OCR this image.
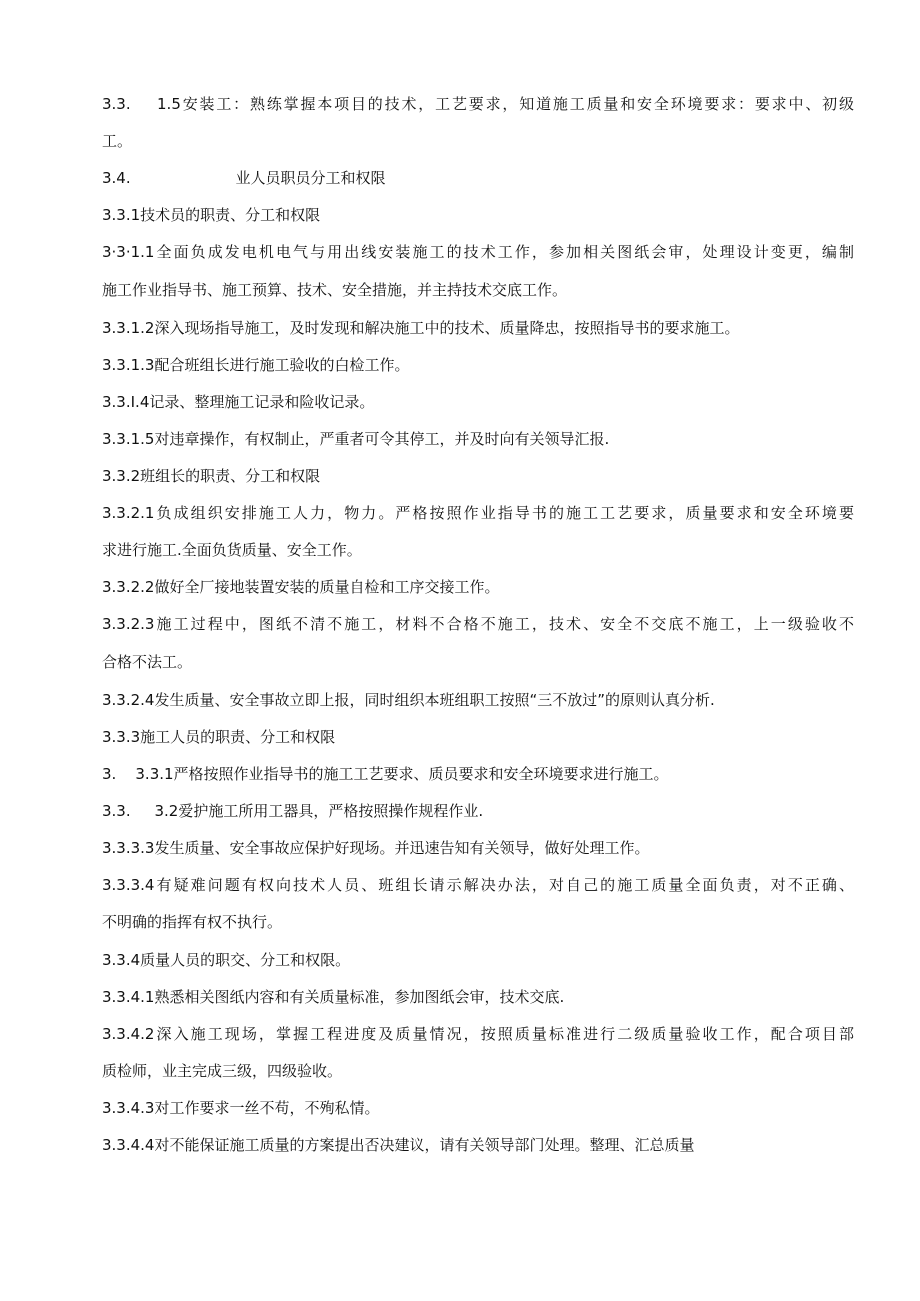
3.3.    1.5安装工：熟练掌握本项目的技术，工艺要求，知道施工质量和安全环境要求：要求中、初级
工。
3.4.                      业人员职员分工和权限
3.3.1技术员的职责、分工和权限
3·3·1.1全面负成发电机电气与用出线安装施工的技术工作，参加相关图纸会审，处理设计变更，编制
施工作业指导书、施工预算、技术、安全措施，并主持技术交底工作。
3.3.1.2深入现场指导施工，及时发现和解决施工中的技术、质量降忠，按照指导书的要求施工。
3.3.1.3配合班组长进行施工验收的白检工作。
3.3.I.4记录、整理施工记录和险收记录。
3.3.1.5对违章操作，有权制止，严重者可令其停工，并及时向有关领导汇报.
3.3.2班组长的职责、分工和权限
3.3.2.1负成组织安排施工人力，物力。严格按照作业指导书的施工工艺要求，质量要求和安全环境要
求进行施工.全面负货质量、安全工作。
3.3.2.2做好全厂接地装置安装的质量自检和工序交接工作。
3.3.2.3施工过程中，图纸不清不施工，材料不合格不施工，技术、安全不交底不施工，上一级验收不
合格不法工。
3.3.2.4发生质量、安全事故立即上报，同时组织本班组职工按照“三不放过”的原则认真分析.
3.3.3施工人员的职责、分工和权限
3.    3.3.1严格按照作业指导书的施工工艺要求、质员要求和安全环境要求进行施工。
3.3.     3.2爱护施工所用工器具，严格按照操作规程作业.
3.3.3.3发生质量、安全事故应保护好现场。并迅速告知有关领导，做好处理工作。
3.3.3.4有疑难问题有权向技术人员、班组长请示解决办法，对自己的施工质量全面负责，对不正确、
不明确的指挥有权不执行。
3.3.4质量人员的职交、分工和权限。
3.3.4.1熟悉相关图纸内容和有关质量标准，参加图纸会审，技术交底.
3.3.4.2深入施工现场，掌握工程进度及质量情况，按照质量标准进行二级质量验收工作，配合项目部
质检师，业主完成三级，四级验收。
3.3.4.3对工作要求一丝不苟，不殉私情。
3.3.4.4对不能保证施工质量的方案提出否决建议，请有关领导部门处理。整理、汇总质量
